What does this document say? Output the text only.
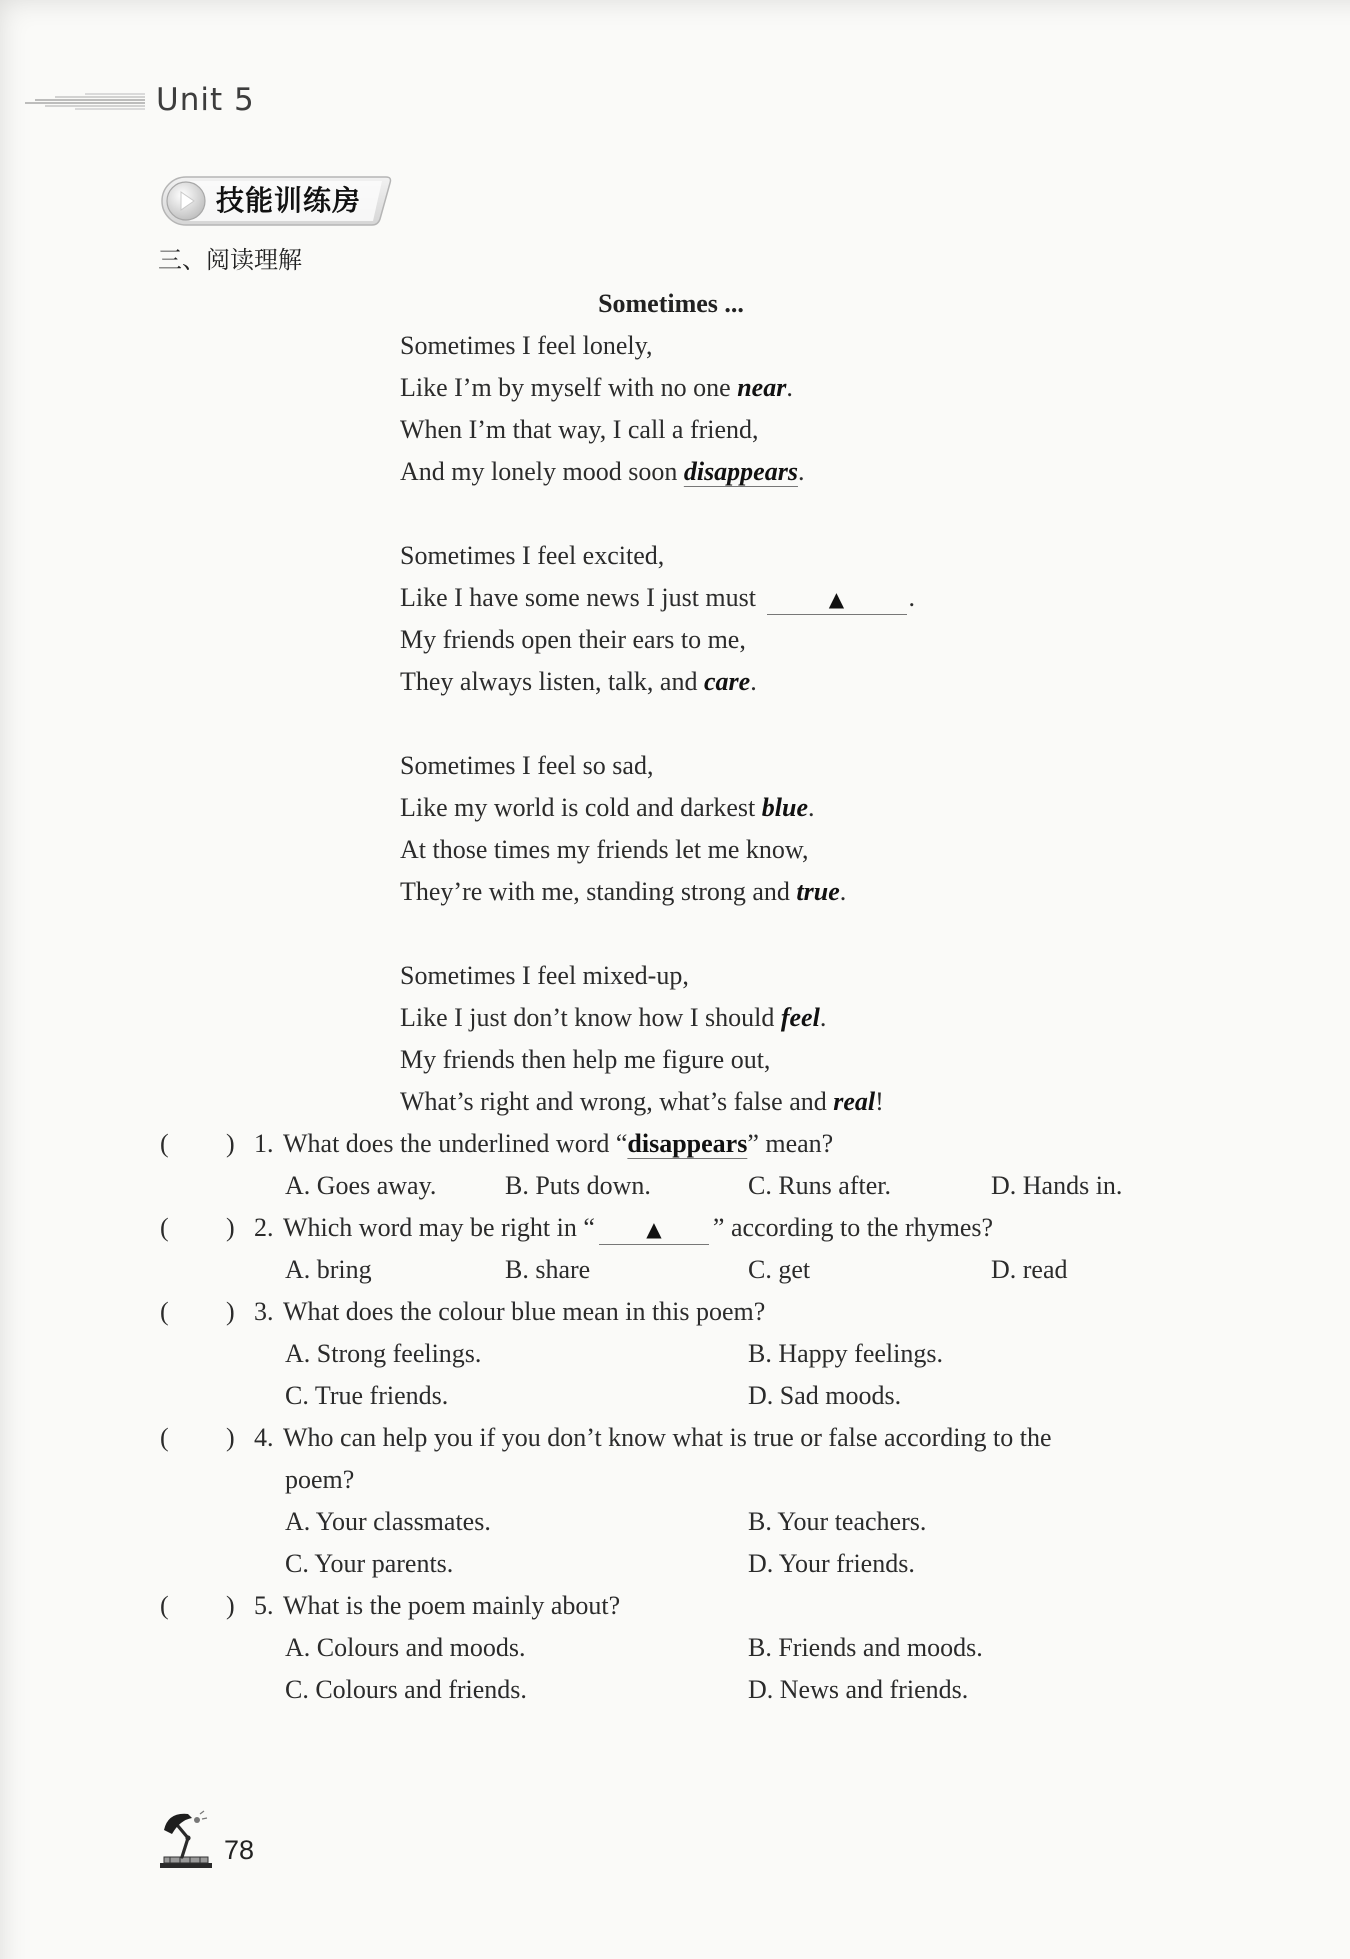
Unit 5
技能训练房
三、阅读理解
Sometimes ...
Sometimes I feel lonely,
Like I’m by myself with no one near.
When I’m that way, I call a friend,
And my lonely mood soon disappears.
Sometimes I feel excited,
Like I have some news I just must	▲ .
My friends open their ears to me,
They always listen, talk, and care.
Sometimes I feel so sad,
Like my world is cold and darkest blue.
At those times my friends let me know,
They’re with me, standing strong and true.
Sometimes I feel mixed-up,
Like I just don’t know how I should feel.
My friends then help me figure out,
What’s right and wrong, what’s false and real!
( ) 1. What does the underlined word “disappears” mean?
A. Goes away.	B. Puts down.	C. Runs after.	D. Hands in.
( ) 2. Which word may be right in “	▲ ” according to the rhymes?
A. bring	B. share	C. get	D. read
( ) 3. What does the colour blue mean in this poem?
A. Strong feelings.	B. Happy feelings.
C. True friends.	D. Sad moods.
( ) 4. Who can help you if you don’t know what is true or false according to the
poem?
A. Your classmates.	B. Your teachers.
C. Your parents.	D. Your friends.
( ) 5. What is the poem mainly about?
A. Colours and moods.	B. Friends and moods.
C. Colours and friends.	D. News and friends.
78
